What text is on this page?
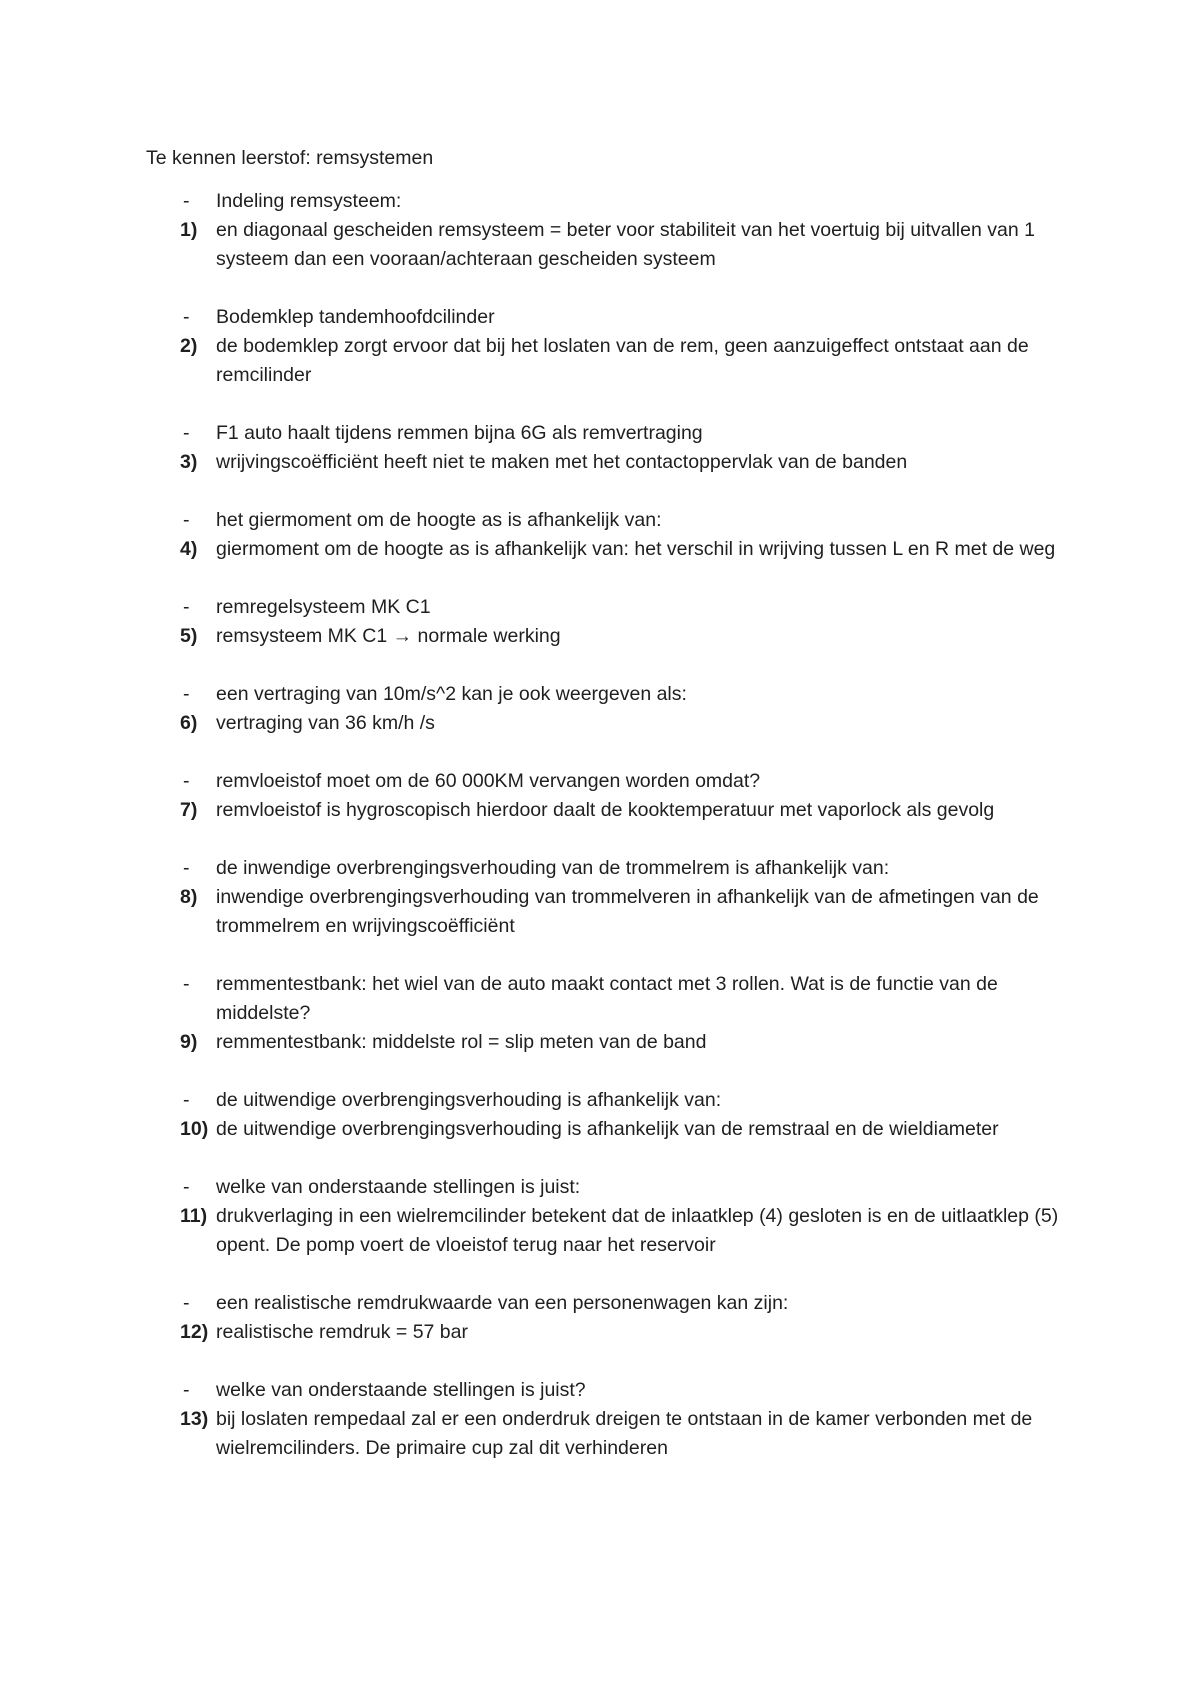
Te kennen leerstof: remsystemen
-	Indeling remsysteem:
1) en diagonaal gescheiden remsysteem = beter voor stabiliteit van het voertuig bij uitvallen van 1 systeem dan een vooraan/achteraan gescheiden systeem
-	Bodemklep tandemhoofdcilinder
2) de bodemklep zorgt ervoor dat bij het loslaten van de rem, geen aanzuigeffect ontstaat aan de remcilinder
-	F1 auto haalt tijdens remmen bijna 6G als remvertraging
3) wrijvingscoëfficiënt heeft niet te maken met het contactoppervlak van de banden
-	het giermoment om de hoogte as is afhankelijk van:
4) giermoment om de hoogte as is afhankelijk van: het verschil in wrijving tussen L en R met de weg
-	remregelsysteem MK C1
5) remsysteem MK C1 → normale werking
-	een vertraging van 10m/s^2 kan je ook weergeven als:
6) vertraging van 36 km/h /s
-	remvloeistof moet om de 60 000KM vervangen worden omdat?
7) remvloeistof is hygroscopisch hierdoor daalt de kooktemperatuur met vaporlock als gevolg
-	de inwendige overbrengingsverhouding van de trommelrem is afhankelijk van:
8) inwendige overbrengingsverhouding van trommelveren in afhankelijk van de afmetingen van de trommelrem en wrijvingscoëfficiënt
-	remmentestbank: het wiel van de auto maakt contact met 3 rollen. Wat is de functie van de middelste?
9) remmentestbank: middelste rol = slip meten van de band
-	de uitwendige overbrengingsverhouding is afhankelijk van:
10) de uitwendige overbrengingsverhouding is afhankelijk van de remstraal en de wieldiameter
-	welke van onderstaande stellingen is juist:
11) drukverlaging in een wielremcilinder betekent dat de inlaatklep (4) gesloten is en de uitlaatklep (5) opent. De pomp voert de vloeistof terug naar het reservoir
-	een realistische remdrukwaarde van een personenwagen kan zijn:
12) realistische remdruk = 57 bar
-	welke van onderstaande stellingen is juist?
13) bij loslaten rempedaal zal er een onderdruk dreigen te ontstaan in de kamer verbonden met de wielremcilinders. De primaire cup zal dit verhinderen
